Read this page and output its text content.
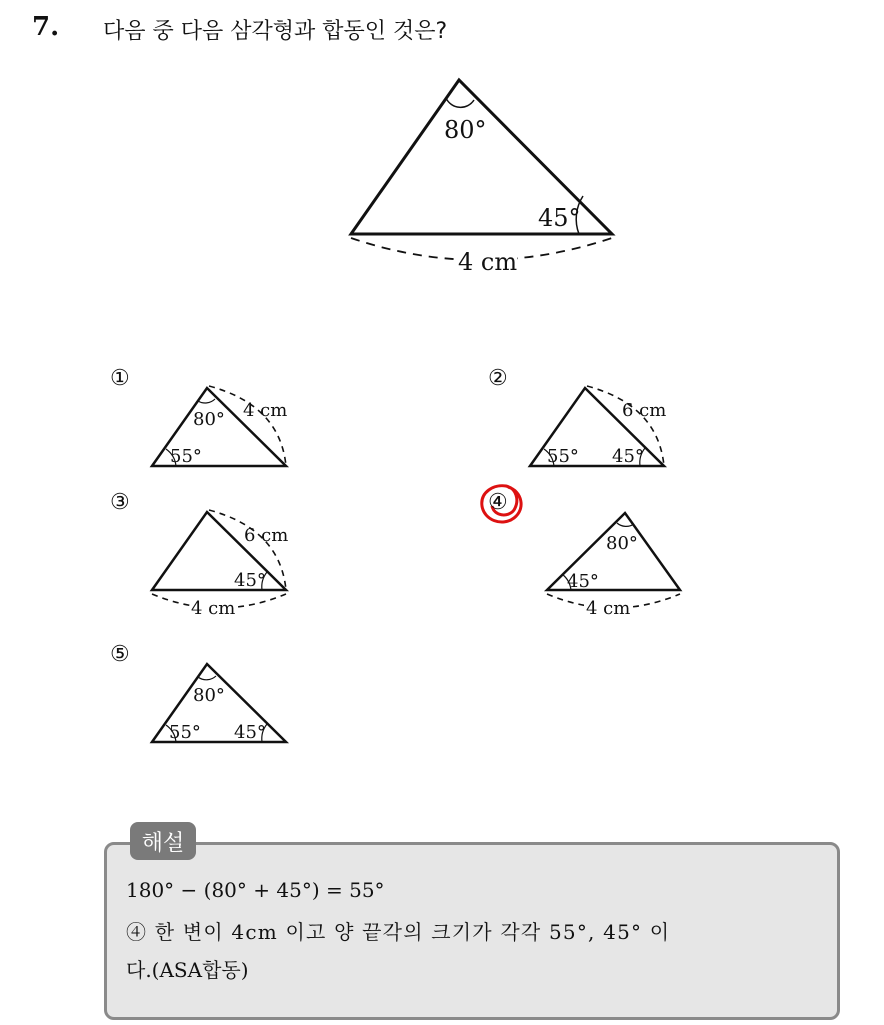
7. 다음 중 다음 삼각형과 합동인 것은?
80°
45°
4 cm
80°
55°
4 cm
55° 45°
6 cm
45°
6 cm
4 cm
80°
45°
4 cm
80°
55° 45°
①	②
③	④
⑤
해설
180° − (80° + 45°) = 55°
④ 한 변이 4cm 이고 양 끝각의 크기가 각각 55°, 45° 이
다.(ASA합동)
